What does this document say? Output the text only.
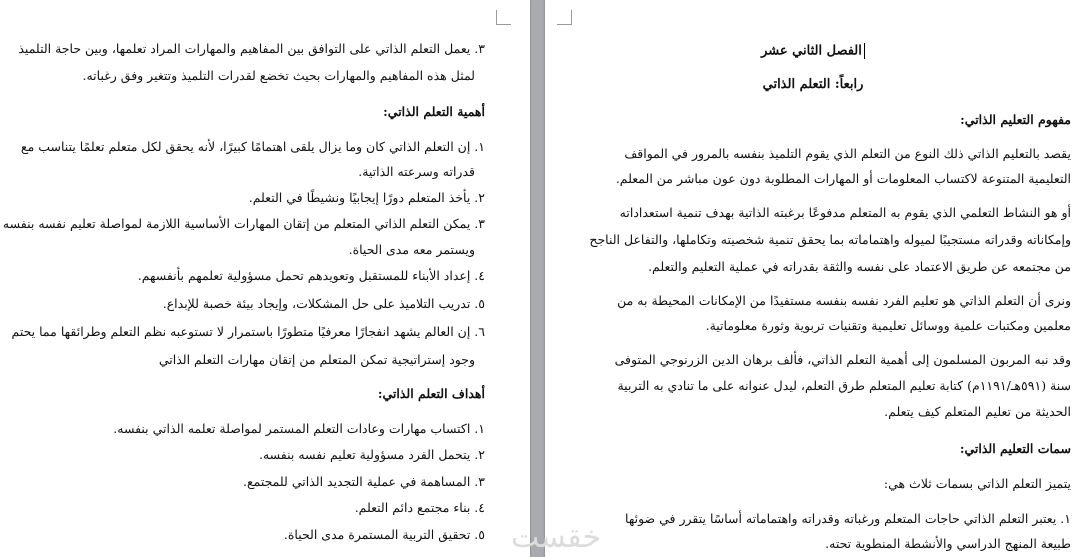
٣. يعمل التعلم الذاتي على التوافق بين المفاهيم والمهارات المراد تعلمها، وبين حاجة التلميذ
لمثل هذه المفاهيم والمهارات بحيث تخضع لقدرات التلميذ وتتغير وفق رغباته.
أهمية التعلم الذاتي:
١. إن التعلم الذاتي كان وما يزال يلقى اهتمامًا كبيرًا، لأنه يحقق لكل متعلم تعلمًا يتناسب مع
قدراته وسرعته الذاتية.
٢. يأخذ المتعلم دورًا إيجابيًا ونشيطًا في التعلم.
٣. يمكن التعلم الذاتي المتعلم من إتقان المهارات الأساسية اللازمة لمواصلة تعليم نفسه بنفسه
ويستمر معه مدى الحياة.
٤. إعداد الأبناء للمستقبل وتعويدهم تحمل مسؤولية تعلمهم بأنفسهم.
٥. تدريب التلاميذ على حل المشكلات، وإيجاد بيئة خصبة للإبداع.
٦. إن العالم يشهد انفجارًا معرفيًا متطورًا باستمرار لا تستوعبه نظم التعلم وطرائقها مما يحتم
وجود إستراتيجية تمكن المتعلم من إتقان مهارات التعلم الذاتي
أهداف التعلم الذاتي:
١. اكتساب مهارات وعادات التعلم المستمر لمواصلة تعلمه الذاتي بنفسه.
٢. يتحمل الفرد مسؤولية تعليم نفسه بنفسه.
٣. المساهمة في عملية التجديد الذاتي للمجتمع.
٤. بناء مجتمع دائم التعلم.
٥. تحقيق التربية المستمرة مدى الحياة.
الفصل الثاني عشر
رابعاً: التعلم الذاتي
مفهوم التعليم الذاتي:
يقصد بالتعليم الذاتي ذلك النوع من التعلم الذي يقوم التلميذ بنفسه بالمرور في المواقف
التعليمية المتنوعة لاكتساب المعلومات أو المهارات المطلوبة دون عون مباشر من المعلم.
أو هو النشاط التعلمي الذي يقوم به المتعلم مدفوعًا برغبته الذاتية بهدف تنمية استعداداته
وإمكاناته وقدراته مستجيبًا لميوله واهتماماته بما يحقق تنمية شخصيته وتكاملها، والتفاعل الناجح
من مجتمعه عن طريق الاعتماد على نفسه والثقة بقدراته في عملية التعليم والتعلم.
ونرى أن التعلم الذاتي هو تعليم الفرد نفسه بنفسه مستفيدًا من الإمكانات المحيطة به من
معلمين ومكتبات علمية ووسائل تعليمية وتقنيات تربوية وثورة معلوماتية.
وقد نبه المربون المسلمون إلى أهمية التعلم الذاتي، فألف برهان الدين الزرنوجي المتوفى
سنة (٥٩١هـ/١١٩١م) كتابة تعليم المتعلم طرق التعلم، ليدل عنوانه على ما تنادي به التربية
الحديثة من تعليم المتعلم كيف يتعلم.
سمات التعليم الذاتي:
يتميز التعلم الذاتي بسمات ثلاث هي:
١. يعتبر التعلم الذاتي حاجات المتعلم ورغباته وقدراته واهتماماته أساسًا يتقرر في ضوئها
طبيعة المنهج الدراسي والأنشطة المنطوية تحته.
خقست
